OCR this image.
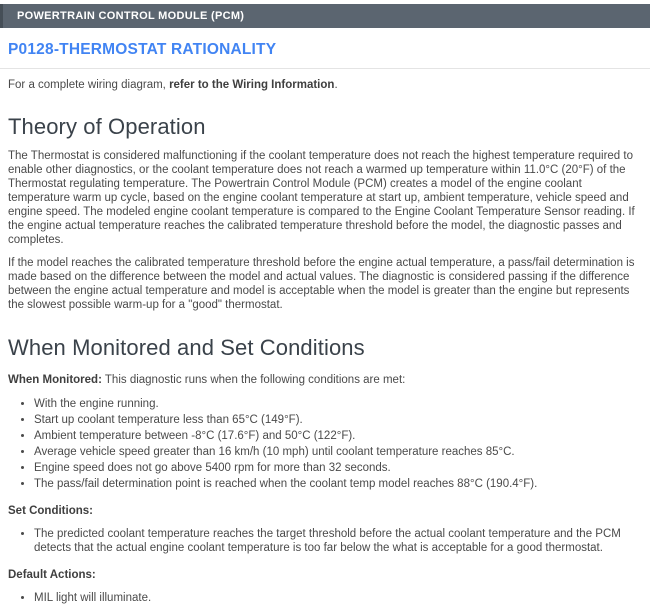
POWERTRAIN CONTROL MODULE (PCM)
P0128-THERMOSTAT RATIONALITY
For a complete wiring diagram, refer to the Wiring Information.
Theory of Operation

The Thermostat is considered malfunctioning if the coolant temperature does not reach the highest temperature required to enable other diagnostics, or the coolant temperature does not reach a warmed up temperature within 11.0°C (20°F) of the Thermostat regulating temperature. The Powertrain Control Module (PCM) creates a model of the engine coolant temperature warm up cycle, based on the engine coolant temperature at start up, ambient temperature, vehicle speed and engine speed. The modeled engine coolant temperature is compared to the Engine Coolant Temperature Sensor reading. If the engine actual temperature reaches the calibrated temperature threshold before the model, the diagnostic passes and completes.

If the model reaches the calibrated temperature threshold before the engine actual temperature, a pass/fail determination is made based on the difference between the model and actual values. The diagnostic is considered passing if the difference between the engine actual temperature and model is acceptable when the model is greater than the engine but represents the slowest possible warm-up for a "good" thermostat.

When Monitored and Set Conditions
When Monitored: This diagnostic runs when the following conditions are met:
• With the engine running.
• Start up coolant temperature less than 65°C (149°F).
• Ambient temperature between -8°C (17.6°F) and 50°C (122°F).
• Average vehicle speed greater than 16 km/h (10 mph) until coolant temperature reaches 85°C.
• Engine speed does not go above 5400 rpm for more than 32 seconds.
• The pass/fail determination point is reached when the coolant temp model reaches 88°C (190.4°F).
Set Conditions:
• The predicted coolant temperature reaches the target threshold before the actual coolant temperature and the PCM detects that the actual engine coolant temperature is too far below the what is acceptable for a good thermostat.
Default Actions:
• MIL light will illuminate.
